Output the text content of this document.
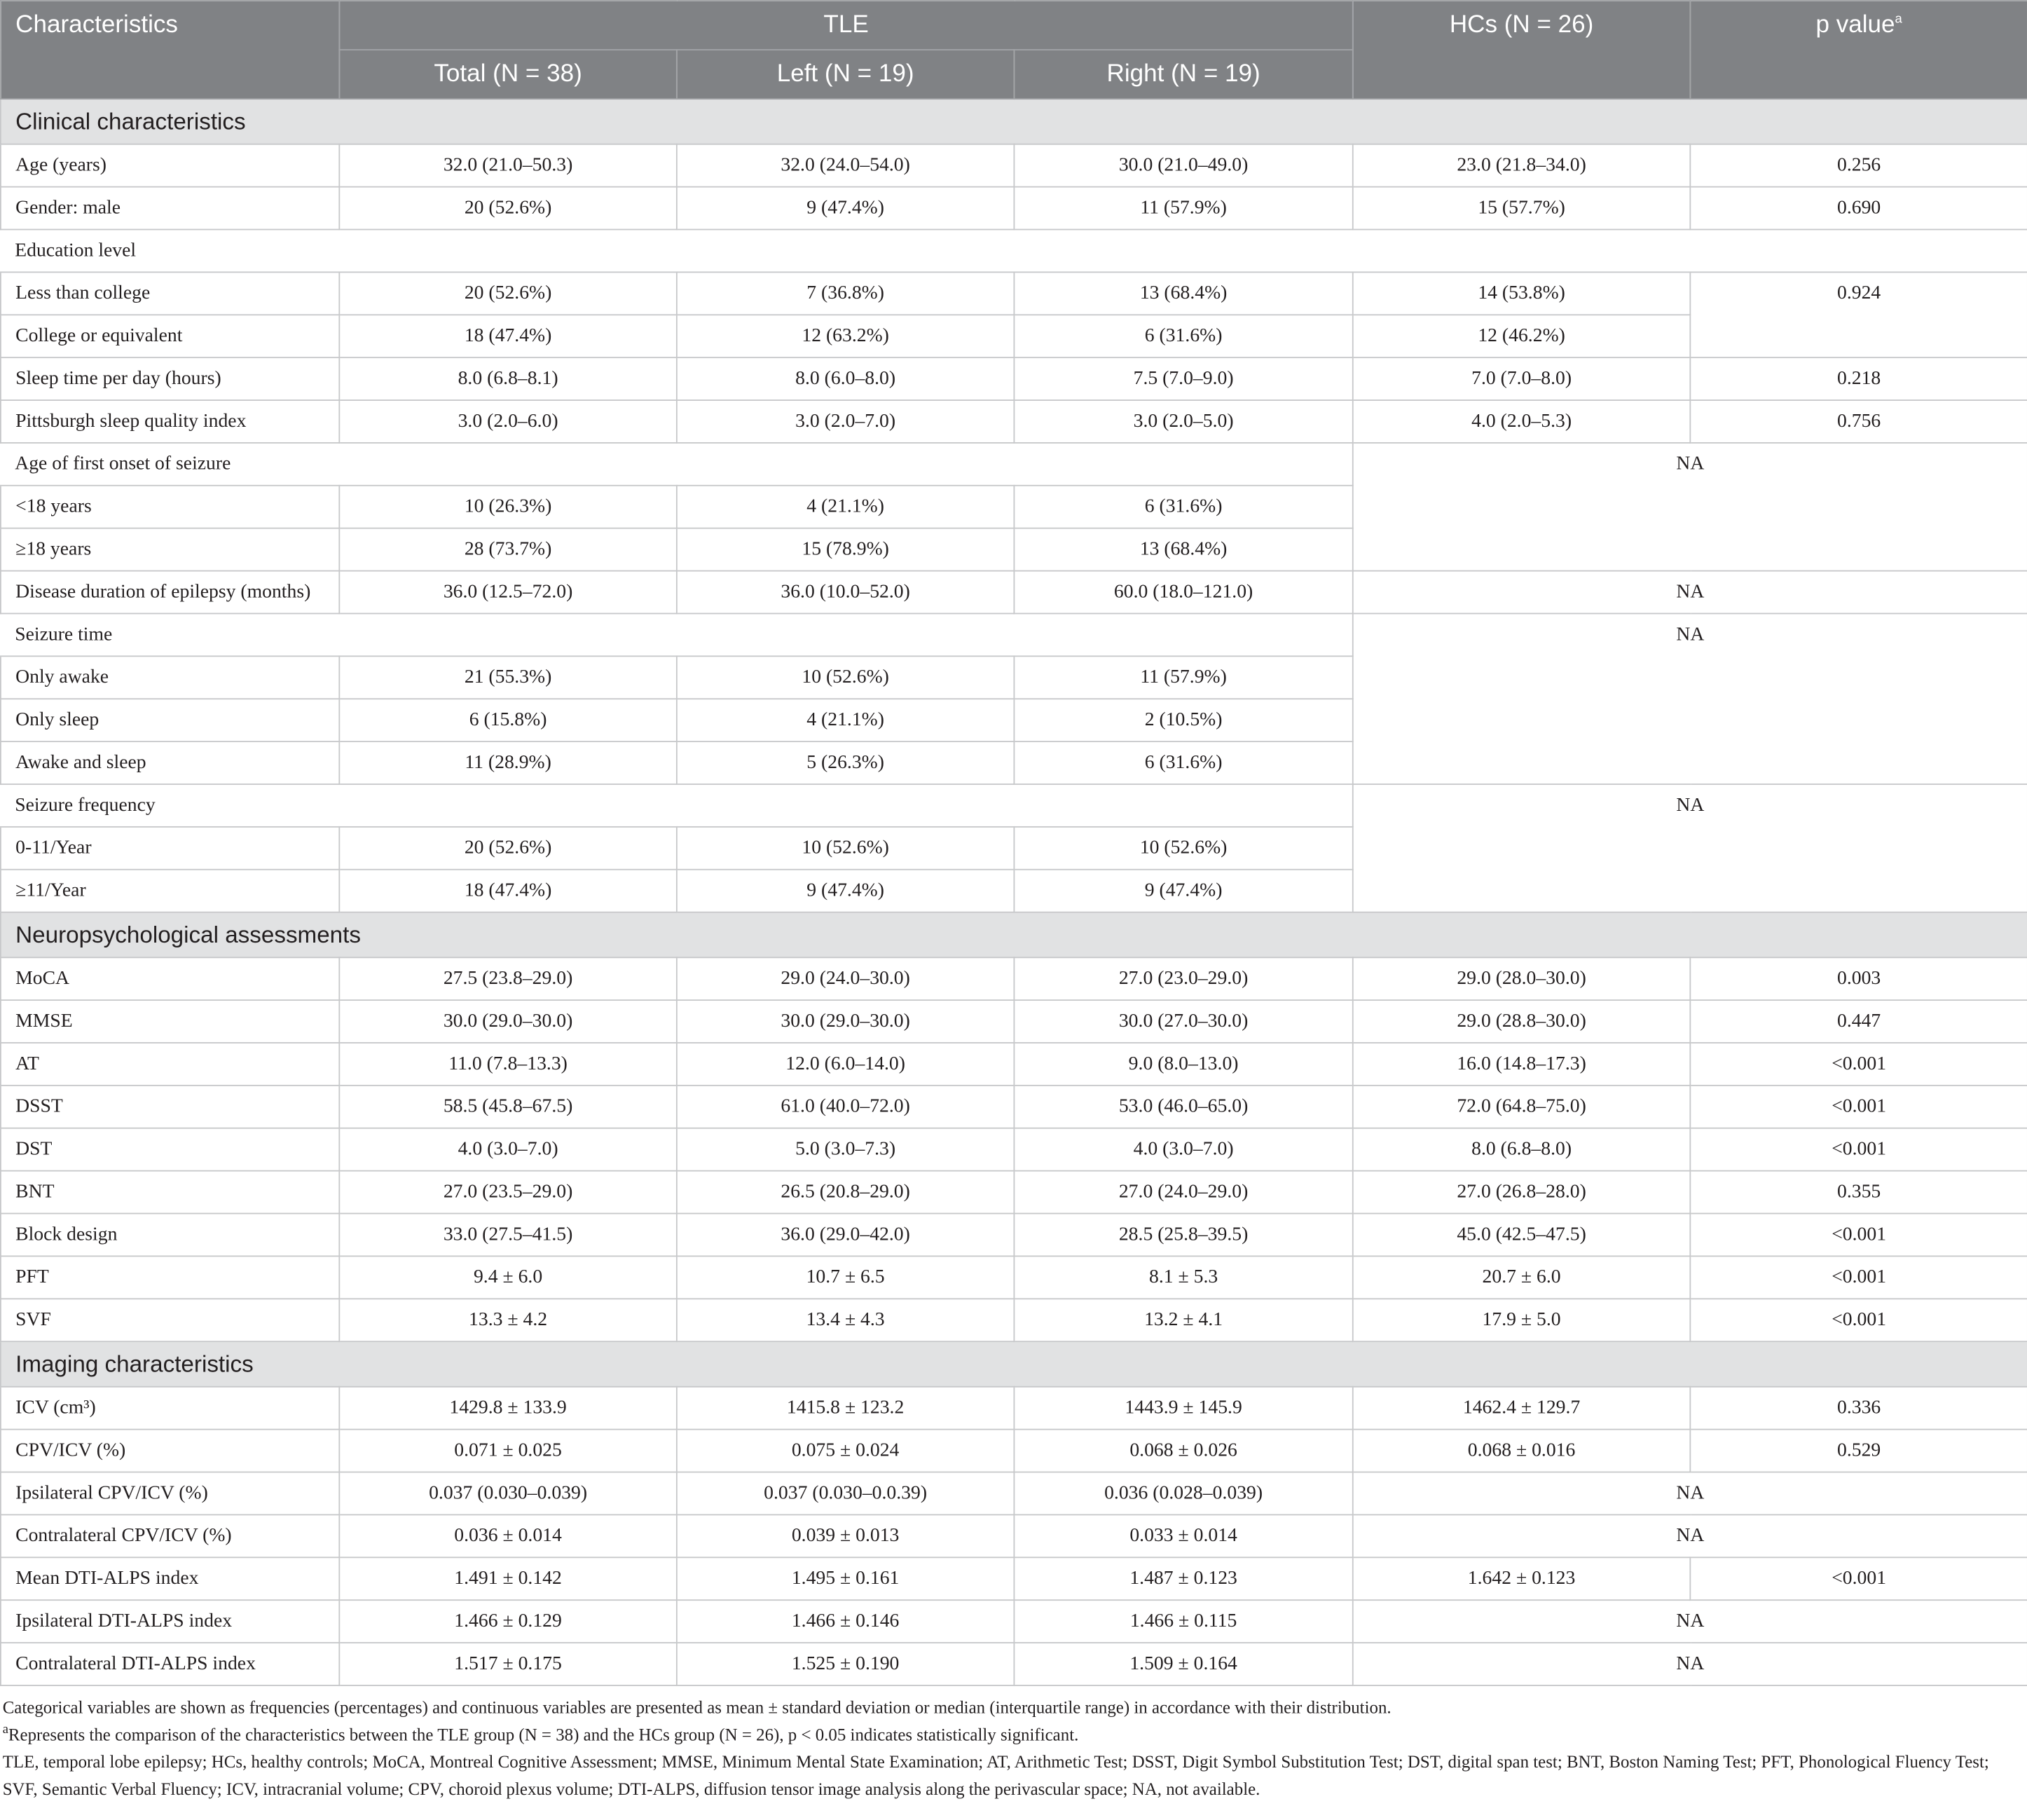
Characteristics	TLE			HCs (N = 26)	p value$^a$
	Total (N = 38)	Left (N = 19)	Right (N = 19)		
Clinical characteristics					
Age (years)	32.0 (21.0–50.3)	32.0 (24.0–54.0)	30.0 (21.0–49.0)	23.0 (21.8–34.0)	0.256
Gender: male	20 (52.6%)	9 (47.4%)	11 (57.9%)	15 (57.7%)	0.690
Education level					
Less than college	20 (52.6%)	7 (36.8%)	13 (68.4%)	14 (53.8%)	0.924
College or equivalent	18 (47.4%)	12 (63.2%)	6 (31.6%)	12 (46.2%)	
Sleep time per day (hours)	8.0 (6.8–8.1)	8.0 (6.0–8.0)	7.5 (7.0–9.0)	7.0 (7.0–8.0)	0.218
Pittsburgh sleep quality index	3.0 (2.0–6.0)	3.0 (2.0–7.0)	3.0 (2.0–5.0)	4.0 (2.0–5.3)	0.756
Age of first onset of seizure				NA	
<18 years	10 (26.3%)	4 (21.1%)	6 (31.6%)		
≥18 years	28 (73.7%)	15 (78.9%)	13 (68.4%)		
Disease duration of epilepsy (months)	36.0 (12.5–72.0)	36.0 (10.0–52.0)	60.0 (18.0–121.0)	NA	
Seizure time				NA	
Only awake	21 (55.3%)	10 (52.6%)	11 (57.9%)		
Only sleep	6 (15.8%)	4 (21.1%)	2 (10.5%)		
Awake and sleep	11 (28.9%)	5 (26.3%)	6 (31.6%)		
Seizure frequency				NA	
0-11/Year	20 (52.6%)	10 (52.6%)	10 (52.6%)		
≥11/Year	18 (47.4%)	9 (47.4%)	9 (47.4%)		
Neuropsychological assessments					
MoCA	27.5 (23.8–29.0)	29.0 (24.0–30.0)	27.0 (23.0–29.0)	29.0 (28.0–30.0)	0.003
MMSE	30.0 (29.0–30.0)	30.0 (29.0–30.0)	30.0 (27.0–30.0)	29.0 (28.8–30.0)	0.447
AT	11.0 (7.8–13.3)	12.0 (6.0–14.0)	9.0 (8.0–13.0)	16.0 (14.8–17.3)	<0.001
DSST	58.5 (45.8–67.5)	61.0 (40.0–72.0)	53.0 (46.0–65.0)	72.0 (64.8–75.0)	<0.001
DST	4.0 (3.0–7.0)	5.0 (3.0–7.3)	4.0 (3.0–7.0)	8.0 (6.8–8.0)	<0.001
BNT	27.0 (23.5–29.0)	26.5 (20.8–29.0)	27.0 (24.0–29.0)	27.0 (26.8–28.0)	0.355
Block design	33.0 (27.5–41.5)	36.0 (29.0–42.0)	28.5 (25.8–39.5)	45.0 (42.5–47.5)	<0.001
PFT	9.4 ± 6.0	10.7 ± 6.5	8.1 ± 5.3	20.7 ± 6.0	<0.001
SVF	13.3 ± 4.2	13.4 ± 4.3	13.2 ± 4.1	17.9 ± 5.0	<0.001
Imaging characteristics					
ICV (cm³)	1429.8 ± 133.9	1415.8 ± 123.2	1443.9 ± 145.9	1462.4 ± 129.7	0.336
CPV/ICV (%)	0.071 ± 0.025	0.075 ± 0.024	0.068 ± 0.026	0.068 ± 0.016	0.529
Ipsilateral CPV/ICV (%)	0.037 (0.030–0.039)	0.037 (0.030–0.0.39)	0.036 (0.028–0.039)	NA	
Contralateral CPV/ICV (%)	0.036 ± 0.014	0.039 ± 0.013	0.033 ± 0.014	NA	
Mean DTI-ALPS index	1.491 ± 0.142	1.495 ± 0.161	1.487 ± 0.123	1.642 ± 0.123	<0.001
Ipsilateral DTI-ALPS index	1.466 ± 0.129	1.466 ± 0.146	1.466 ± 0.115	NA	
Contralateral DTI-ALPS index	1.517 ± 0.175	1.525 ± 0.190	1.509 ± 0.164	NA	

Categorical variables are shown as frequencies (percentages) and continuous variables are presented as mean ± standard deviation or median (interquartile range) in accordance with their distribution.

$^a$Represents the comparison of the characteristics between the TLE group (N = 38) and the HCs group (N = 26), p < 0.05 indicates statistically significant.

TLE, temporal lobe epilepsy; HCs, healthy controls; MoCA, Montreal Cognitive Assessment; MMSE, Minimum Mental State Examination; AT, Arithmetic Test; DSST, Digit Symbol Substitution Test; DST, digital span test; BNT, Boston Naming Test; PFT, Phonological Fluency Test; SVF, Semantic Verbal Fluency; ICV, intracranial volume; CPV, choroid plexus volume; DTI-ALPS, diffusion tensor image analysis along the perivascular space; NA, not available.
